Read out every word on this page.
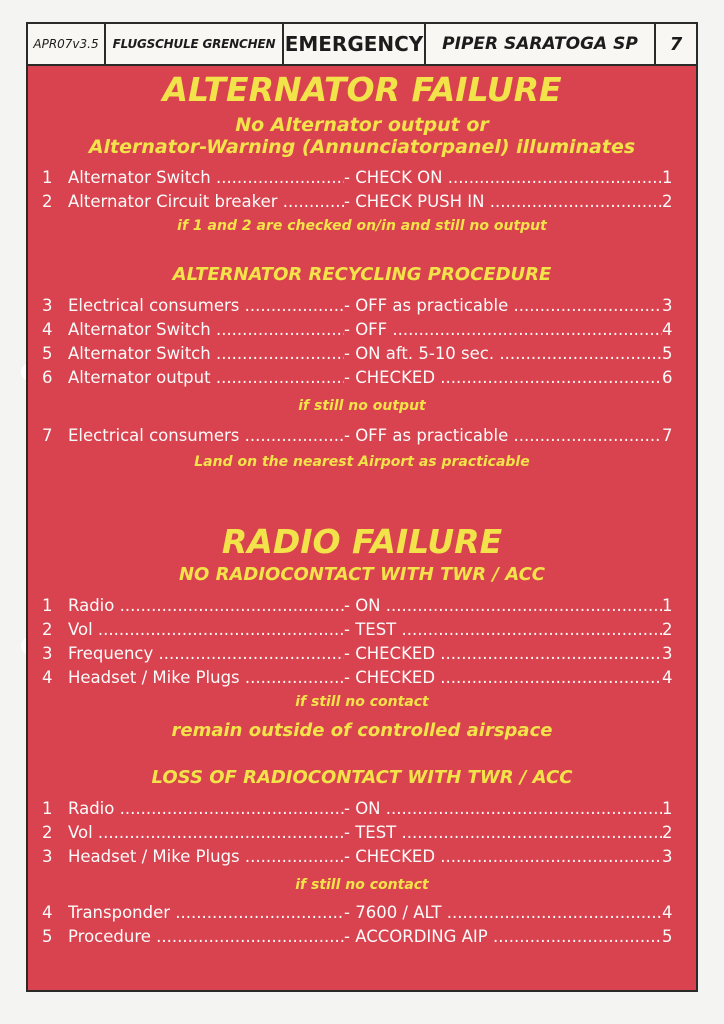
APR07v3.5	FLUGSCHULE GRENCHEN EMERGENCY	PIPER SARATOGA SP	7
ALTERNATOR FAILURE
No Alternator output or
Alternator-Warning (Annunciatorpanel) illuminates
1 Alternator Switch .....	- CHECK ON .....	1
2 Alternator Circuit breaker .....	- CHECK PUSH IN .....	2
if 1 and 2 are checked on/in and still no output
ALTERNATOR RECYCLING PROCEDURE
3 Electrical consumers .....	- OFF as practicable .....	3
4 Alternator Switch .....	- OFF .....	4
5 Alternator Switch .....	- ON aft. 5-10 sec. .....	5
6 Alternator output .....	- CHECKED .....	6
if still no output
7 Electrical consumers .....	- OFF as practicable .....	7
Land on the nearest Airport as practicable
RADIO FAILURE
NO RADIOCONTACT WITH TWR / ACC
1 Radio .....	- ON .....	1
2 Vol .....	- TEST .....	2
3 Frequency .....	- CHECKED .....	3
4 Headset / Mike Plugs .....	- CHECKED .....	4
if still no contact
remain outside of controlled airspace
LOSS OF RADIOCONTACT WITH TWR / ACC
1 Radio .....	- ON .....	1
2 Vol .....	- TEST .....	2
3 Headset / Mike Plugs .....	- CHECKED .....	3
if still no contact
4 Transponder .....	- 7600 / ALT .....	4
5 Procedure .....	- ACCORDING AIP .....	5
